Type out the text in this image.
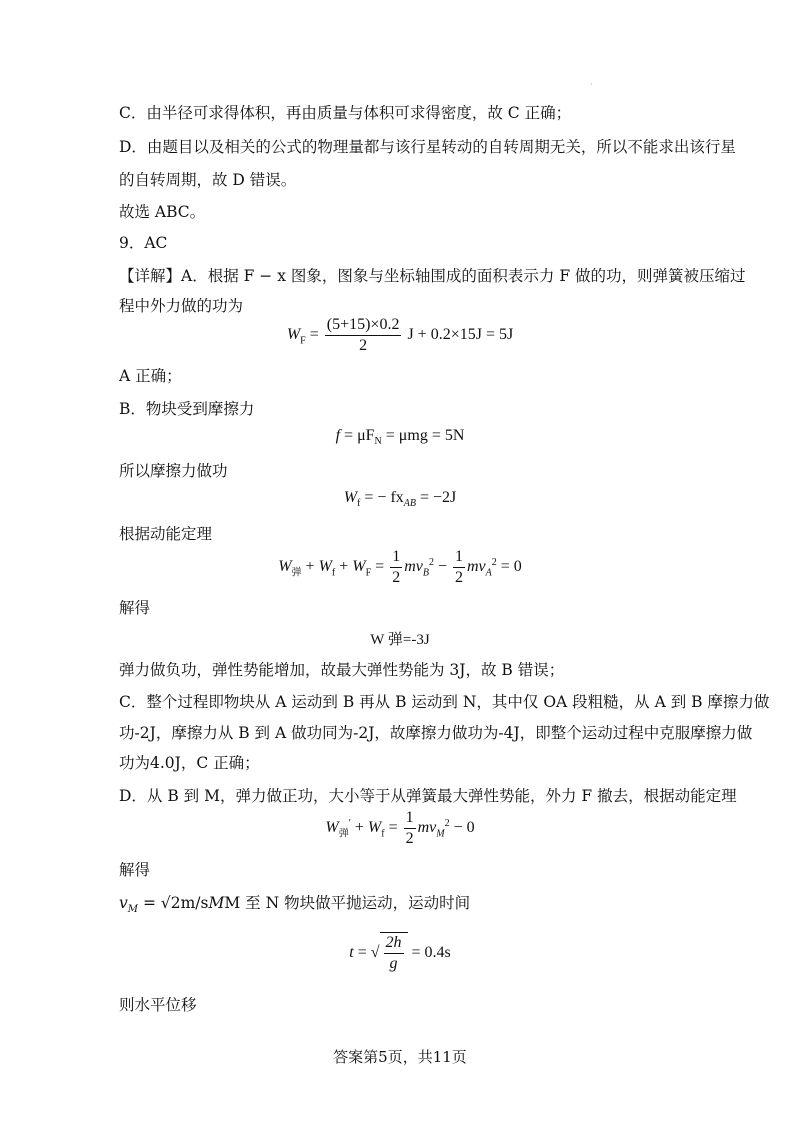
·
C．由半径可求得体积，再由质量与体积可求得密度，故 C 正确；
D．由题目以及相关的公式的物理量都与该行星转动的自转周期无关，所以不能求出该行星
的自转周期，故 D 错误。
故选 ABC。
9．AC
【详解】A．根据 F − x 图象，图象与坐标轴围成的面积表示力 F 做的功，则弹簧被压缩过
程中外力做的功为
$W_F = \frac{(5+15)\times 0.2}{2}$ J + 0.2×15J = 5J
A 正确；
B．物块受到摩擦力
$f = \mu F_N = \mu mg = 5N$
所以摩擦力做功
$W_f$ = − $fx_{AB} = -2J$
根据动能定理
$W_弹 + W_f + W_F = \frac{1}{2} mv_B^2 - \frac{1}{2} mv_A^2 = 0$
解得
W 弹=-3J
弹力做负功，弹性势能增加，故最大弹性势能为 3J，故 B 错误；
C．整个过程即物块从 A 运动到 B 再从 B 运动到 N，其中仅 OA 段粗糙，从 A 到 B 摩擦力做
功-2J，摩擦力从 B 到 A 做功同为-2J，故摩擦力做功为-4J，即整个运动过程中克服摩擦力做
功为4.0J，C 正确；
D．从 B 到 M，弹力做正功，大小等于从弹簧最大弹性势能，外力 F 撤去，根据动能定理
$W_弹' + W_f = \frac{1}{2} mv_M^2 - 0$
解得
$v_M = √2m/sMM$ 至 N 物块做平抛运动，运动时间
t = √ $\frac{2h}{g} = 0.4s$
则水平位移
答案第5页，共11页
